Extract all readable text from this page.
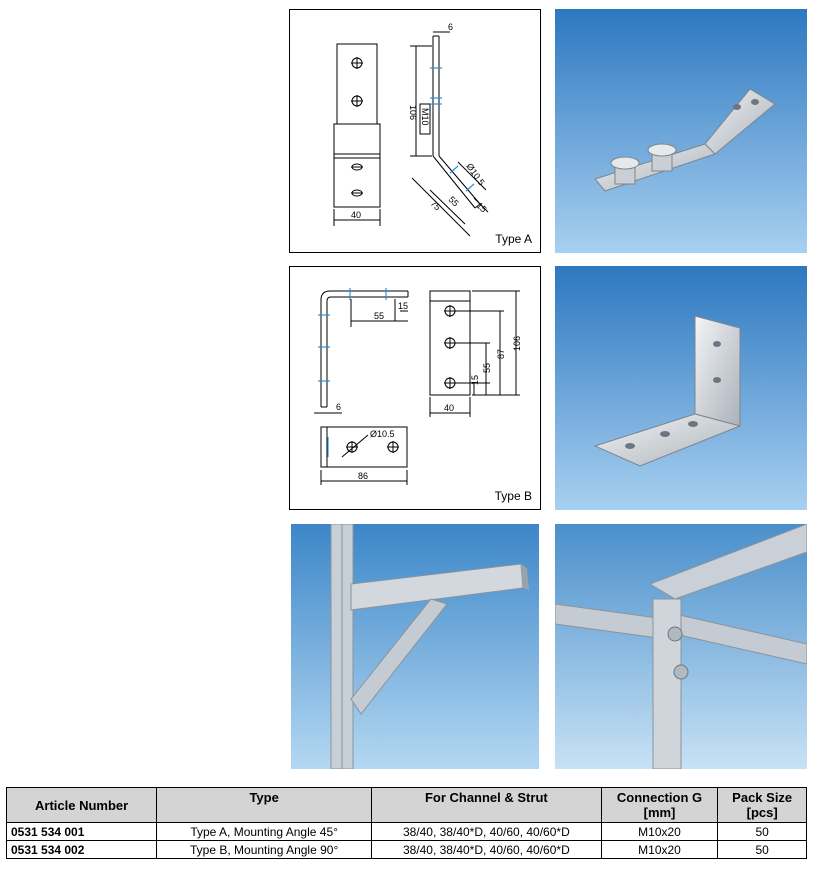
6
106 M10
Ø10.5
40
75 55 15
Type A
15
55
6
15
55
87
106
40
Ø10.5
86
Type B
Article Number	Type	For Channel & Strut	Connection G [mm]	Pack Size [pcs]
0531 534 001	Type A, Mounting Angle 45°	38/40, 38/40*D, 40/60, 40/60*D	M10x20	50
0531 534 002	Type B, Mounting Angle 90°	38/40, 38/40*D, 40/60, 40/60*D	M10x20	50
